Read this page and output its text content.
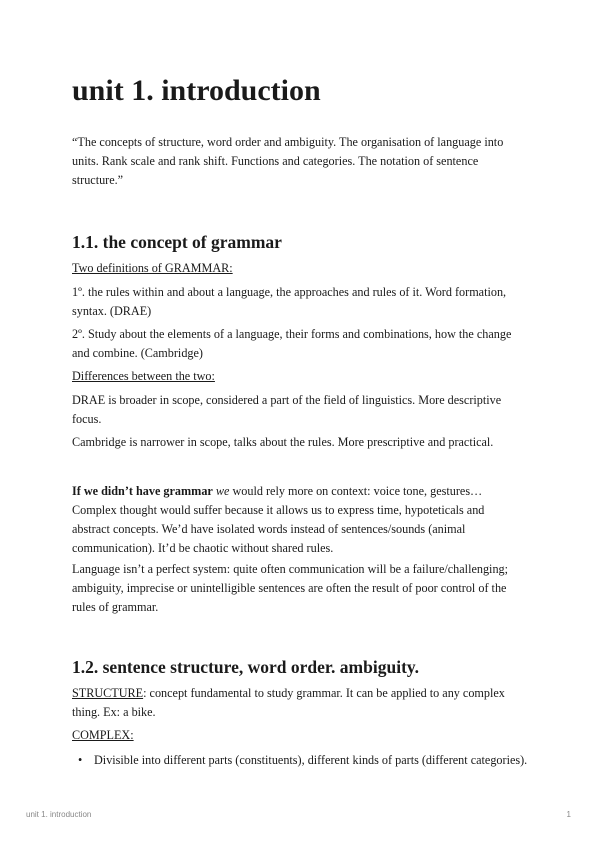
unit 1. introduction

“The concepts of structure, word order and ambiguity. The organisation of language into units. Rank scale and rank shift. Functions and categories. The notation of sentence structure.”

1.1. the concept of grammar

Two definitions of GRAMMAR:

1º. the rules within and about a language, the approaches and rules of it. Word formation, syntax. (DRAE)

2º. Study about the elements of a language, their forms and combinations, how the change and combine. (Cambridge)

Differences between the two:

DRAE is broader in scope, considered a part of the field of linguistics. More descriptive focus.

Cambridge is narrower in scope, talks about the rules. More prescriptive and practical.

If we didn’t have grammar we would rely more on context: voice tone, gestures… Complex thought would suffer because it allows us to express time, hypoteticals and abstract concepts. We’d have isolated words instead of sentences/sounds (animal communication). It’d be chaotic without shared rules.

Language isn’t a perfect system: quite often communication will be a failure/challenging; ambiguity, imprecise or unintelligible sentences are often the result of poor control of the rules of grammar.

1.2. sentence structure, word order. ambiguity.

STRUCTURE: concept fundamental to study grammar. It can be applied to any complex thing. Ex: a bike.

COMPLEX:

• Divisible into different parts (constituents), different kinds of parts (different categories).
unit 1. introduction	1
